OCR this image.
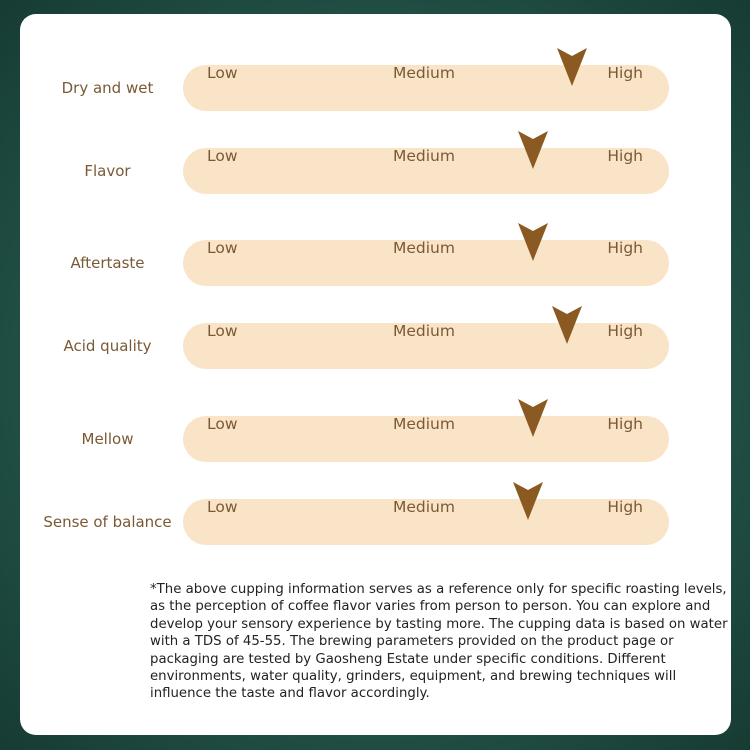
Dry and wet
Low	Medium	High
Flavor
Low	Medium	High
Aftertaste
Low	Medium	High
Acid quality
Low	Medium	High
Mellow
Low	Medium	High
Sense of balance
Low	Medium	High
*The above cupping information serves as a reference only for specific roasting levels,
as the perception of coffee flavor varies from person to person. You can explore and
develop your sensory experience by tasting more. The cupping data is based on water
with a TDS of 45-55. The brewing parameters provided on the product page or
packaging are tested by Gaosheng Estate under specific conditions. Different
environments, water quality, grinders, equipment, and brewing techniques will
influence the taste and flavor accordingly.
